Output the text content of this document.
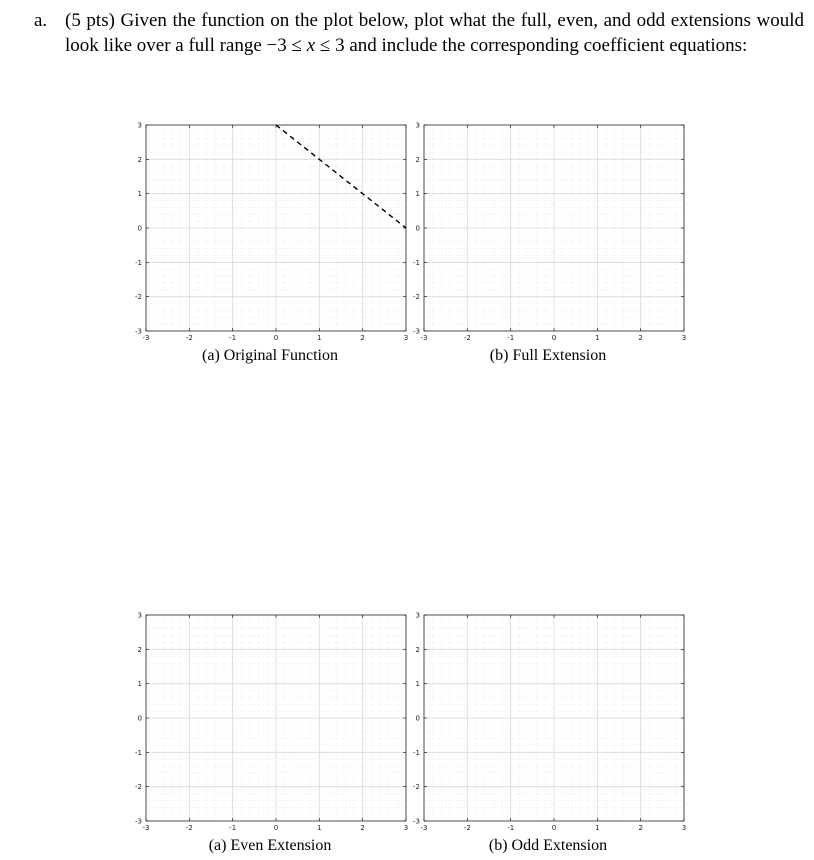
a. (5 pts) Given the function on the plot below, plot what the full, even, and odd extensions would look like over a full range −3 ≤ x ≤ 3 and include the corresponding coefficient equations:
-3	-2	-1	0	1	2	3
-3
-2
-1
0
1
2
3
(a) Original Function
-3	-2	-1	0	1	2	3
-3
-2
-1
0
1
2
3
(b) Full Extension
-3	-2	-1	0	1	2	3
-3
-2
-1
0
1
2
3
(a) Even Extension
-3	-2	-1	0	1	2	3
-3
-2
-1
0
1
2
3
(b) Odd Extension
